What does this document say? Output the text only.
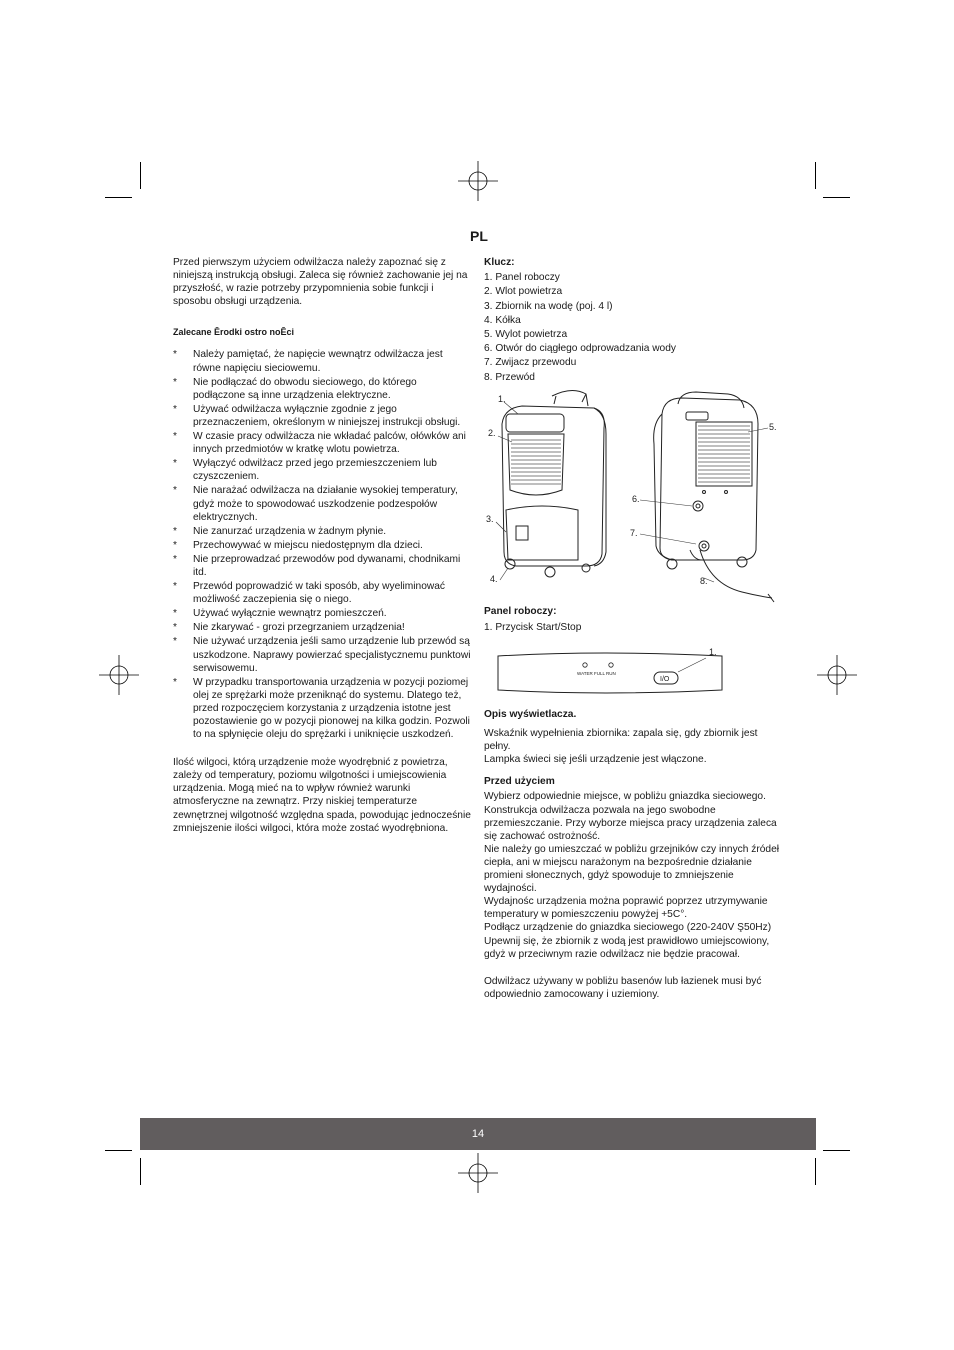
PL

Przed pierwszym użyciem odwilżacza należy zapoznać się z niniejszą instrukcją obsługi. Zaleca się również zachowanie jej na przyszłość, w razie potrzeby przypomnienia sobie funkcji i sposobu obsługi urządzenia.

Zalecane Ērodki ostro noĒci

* Należy pamiętać, że napięcie wewnątrz odwilżacza jest równe napięciu sieciowemu.
* Nie podłączać do obwodu sieciowego, do którego podłączone są inne urządzenia elektryczne.
* Używać odwilżacza wyłącznie zgodnie z jego przeznaczeniem, określonym w niniejszej instrukcji obsługi.
* W czasie pracy odwilżacza nie wkładać palców, ołówków ani innych przedmiotów w kratkę wlotu powietrza.
* Wyłączyć odwilżacz przed jego przemieszczeniem lub czyszczeniem.
* Nie narażać odwilżacza na działanie wysokiej temperatury, gdyż może to spowodować uszkodzenie podzespołów elektrycznych.
* Nie zanurzać urządzenia w żadnym płynie.
* Przechowywać w miejscu niedostępnym dla dzieci.
* Nie przeprowadzać przewodów pod dywanami, chodnikami itd.
* Przewód poprowadzić w taki sposób, aby wyeliminować możliwość zaczepienia się o niego.
* Używać wyłącznie wewnątrz pomieszczeń.
* Nie zkarywać - grozi przegrzaniem urządzenia!
* Nie używać urządzenia jeśli samo urządzenie lub przewód są uszkodzone. Naprawy powierzać specjalistycznemu punktowi serwisowemu.
* W przypadku transportowania urządzenia w pozycji poziomej olej ze sprężarki może przeniknąć do systemu. Dlatego też, przed rozpoczęciem korzystania z urządzenia istotne jest pozostawienie go w pozycji pionowej na kilka godzin. Pozwoli to na spłynięcie oleju do sprężarki i uniknięcie uszkodzeń.

Ilość wilgoci, którą urządzenie może wyodrębnić z powietrza, zależy od temperatury, poziomu wilgotności i umiejscowienia urządzenia. Mogą mieć na to wpływ również warunki atmosferyczne na zewnątrz. Przy niskiej temperaturze zewnętrznej wilgotność względna spada, powodując jednocześnie zmniejszenie ilości wilgoci, która może zostać wyodrębniona.

Klucz:

1. Panel roboczy

2. Wlot powietrza

3. Zbiornik na wodę (poj. 4 l)

4. Kółka

5. Wylot powietrza

6. Otwór do ciągłego odprowadzania wody

7. Zwijacz przewodu

8. Przewód

1.
2.
3.
4.
5.
6.
7.
8.

Panel roboczy:

1. Przycisk Start/Stop

WATER FULL RUN
I/O
1.

Opis wyświetlacza.

Wskaźnik wypełnienia zbiornika: zapala się, gdy zbiornik jest pełny.

Lampka świeci się jeśli urządzenie jest włączone.

Przed użyciem

Wybierz odpowiednie miejsce, w pobliżu gniazdka sieciowego.

Konstrukcja odwilżacza pozwala na jego swobodne przemieszczanie. Przy wyborze miejsca pracy urządzenia zaleca się zachować ostrożność.

Nie należy go umieszczać w pobliżu grzejników czy innych źródeł ciepła, ani w miejscu narażonym na bezpośrednie działanie promieni słonecznych, gdyż spowoduje to zmniejszenie wydajności.

Wydajnośc urządzenia można poprawić poprzez utrzymywanie temperatury w pomieszczeniu powyżej +5C°.

Podłącz urządzenie do gniazdka sieciowego (220-240V Ş50Hz)

Upewnij się, że zbiornik z wodą jest prawidłowo umiejscowiony, gdyż w przeciwnym razie odwilżacz nie będzie pracował.

Odwilżacz używany w pobliżu basenów lub łazienek musi być odpowiednio zamocowany i uziemiony.

14
